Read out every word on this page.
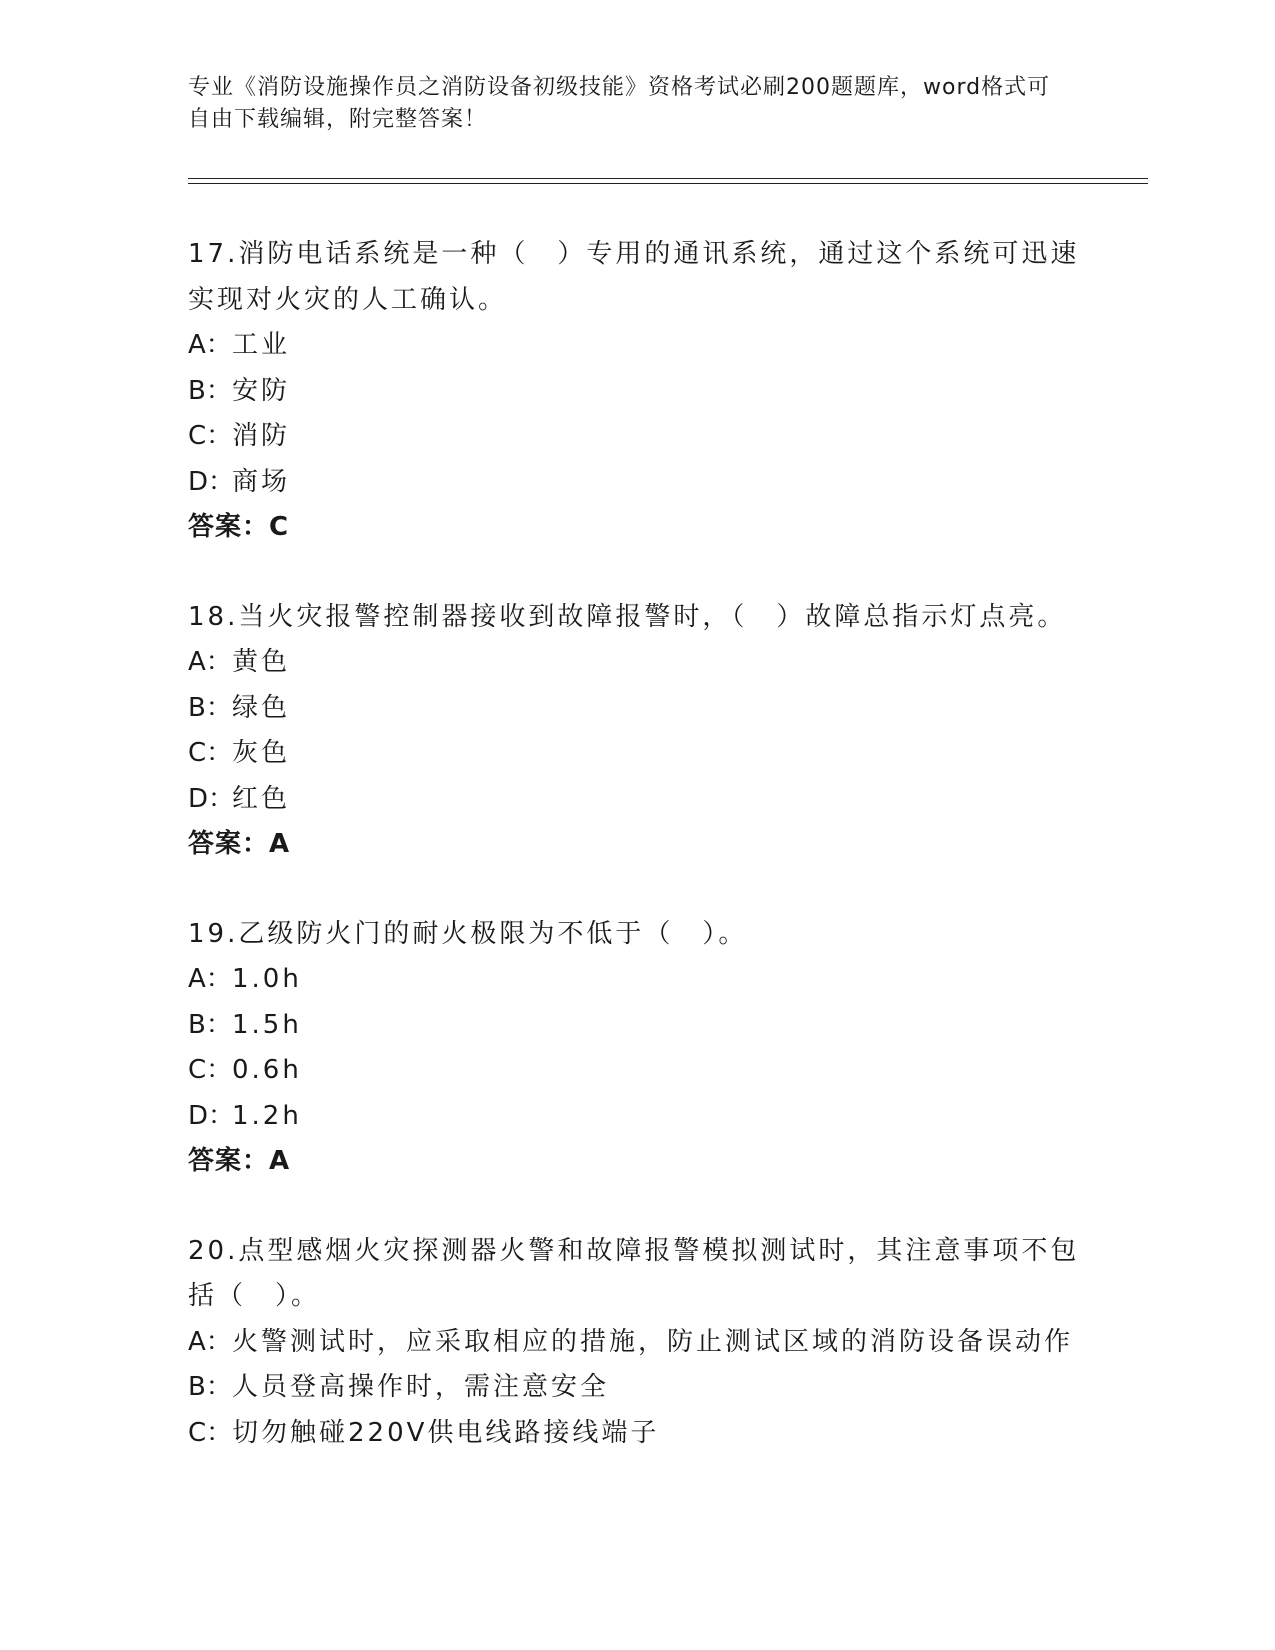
专业《消防设施操作员之消防设备初级技能》资格考试必刷200题题库，word格式可自由下载编辑，附完整答案！

17.消防电话系统是一种（　）专用的通讯系统，通过这个系统可迅速实现对火灾的人工确认。

A：工业

B：安防

C：消防

D：商场

答案：C

18.当火灾报警控制器接收到故障报警时，（　）故障总指示灯点亮。

A：黄色

B：绿色

C：灰色

D：红色

答案：A

19.乙级防火门的耐火极限为不低于（　）。

A：1.0h

B：1.5h

C：0.6h

D：1.2h

答案：A

20.点型感烟火灾探测器火警和故障报警模拟测试时，其注意事项不包括（　）。

A：火警测试时，应采取相应的措施，防止测试区域的消防设备误动作

B：人员登高操作时，需注意安全

C：切勿触碰220V供电线路接线端子
